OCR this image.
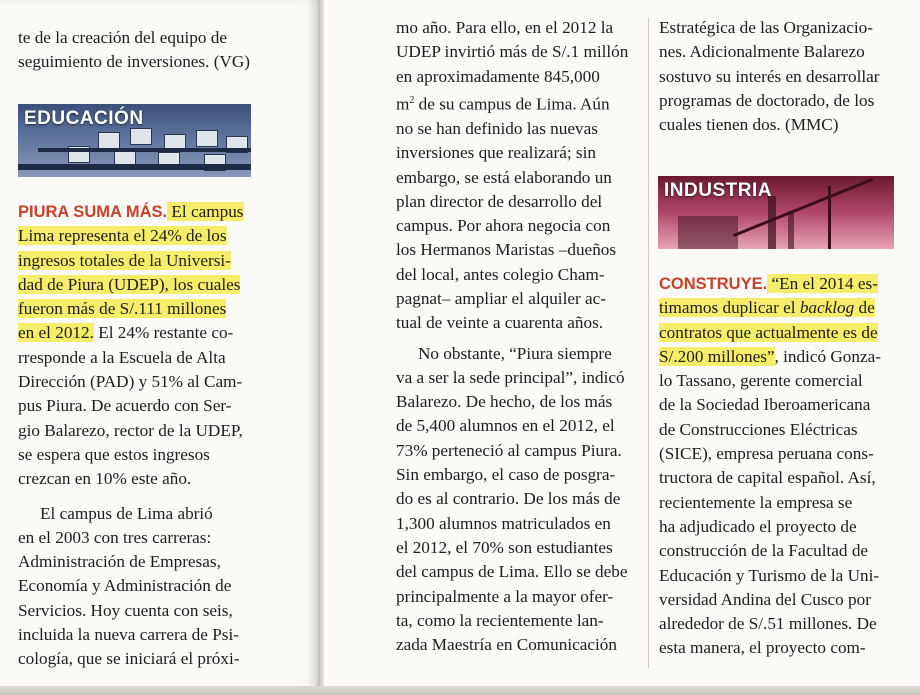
te de la creación del equipo de
seguimiento de inversiones. (VG)
EDUCACIÓN
PIURA SUMA MÁS. El campus
Lima representa el 24% de los
ingresos totales de la Universi-
dad de Piura (UDEP), los cuales
fueron más de S/.111 millones
en el 2012. El 24% restante co-
rresponde a la Escuela de Alta
Dirección (PAD) y 51% al Cam-
pus Piura. De acuerdo con Ser-
gio Balarezo, rector de la UDEP,
se espera que estos ingresos
crezcan en 10% este año.
El campus de Lima abrió
en el 2003 con tres carreras:
Administración de Empresas,
Economía y Administración de
Servicios. Hoy cuenta con seis,
incluida la nueva carrera de Psi-
cología, que se iniciará el próxi-
mo año. Para ello, en el 2012 la
UDEP invirtió más de S/.1 millón
en aproximadamente 845,000
$m^2$ de su campus de Lima. Aún
no se han definido las nuevas
inversiones que realizará; sin
embargo, se está elaborando un
plan director de desarrollo del
campus. Por ahora negocia con
los Hermanos Maristas –dueños
del local, antes colegio Cham-
pagnat– ampliar el alquiler ac-
tual de veinte a cuarenta años.
No obstante, “Piura siempre
va a ser la sede principal”, indicó
Balarezo. De hecho, de los más
de 5,400 alumnos en el 2012, el
73% perteneció al campus Piura.
Sin embargo, el caso de posgra-
do es al contrario. De los más de
1,300 alumnos matriculados en
el 2012, el 70% son estudiantes
del campus de Lima. Ello se debe
principalmente a la mayor ofer-
ta, como la recientemente lan-
zada Maestría en Comunicación
Estratégica de las Organizacio-
nes. Adicionalmente Balarezo
sostuvo su interés en desarrollar
programas de doctorado, de los
cuales tienen dos. (MMC)
INDUSTRIA
CONSTRUYE. “En el 2014 es-
timamos duplicar el backlog de
contratos que actualmente es de
S/.200 millones”, indicó Gonza-
lo Tassano, gerente comercial
de la Sociedad Iberoamericana
de Construcciones Eléctricas
(SICE), empresa peruana cons-
tructora de capital español. Así,
recientemente la empresa se
ha adjudicado el proyecto de
construcción de la Facultad de
Educación y Turismo de la Uni-
versidad Andina del Cusco por
alrededor de S/.51 millones. De
esta manera, el proyecto com-
